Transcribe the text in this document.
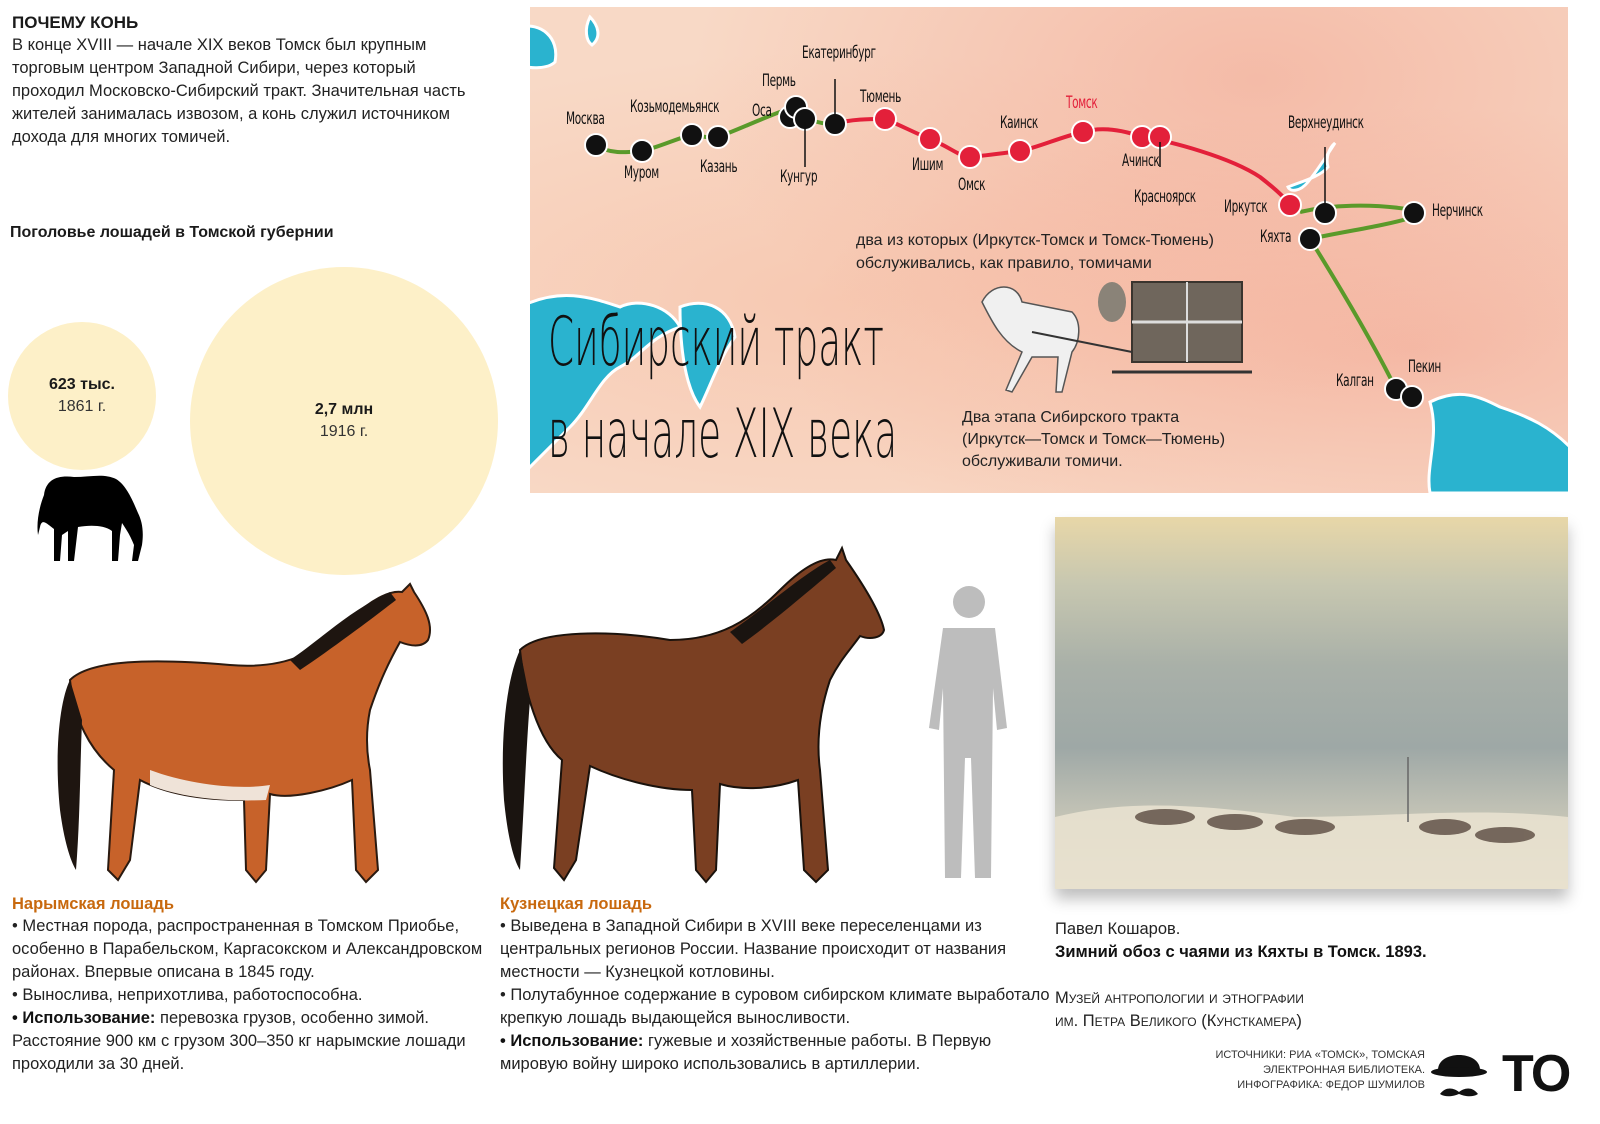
ПОЧЕМУ КОНЬ

В конце XVIII — начале XIX веков Томск был крупным торговым центром Западной Сибири, через который проходил Московско-Сибирский тракт. Значительная часть жителей занималась извозом, а конь служил источником дохода для многих томичей.

Поголовье лошадей в Томской губернии
623 тыс.
1861 г.	2,7 млн
1916 г.
Москва
Муром
Козьмодемьянск
Казань
Оса
Пермь
Кунгур
Екатеринбург
Тюмень
Ишим
Омск
Каинск
Томск
Ачинск
Красноярск Иркутск
Верхнеудинск
Кяхта
Нерчинск
Калган
Пекин
два из которых (Иркутск-Томск и Томск-Тюмень)
обслуживались, как правило, томичами
Два этапа Сибирского тракта
(Иркутск—Томск и Томск—Тюмень)
обслуживали томичи.
Сибирский тракт
в начале XIX века
Нарымская лошадь
• Местная порода, распространенная в Томском Приобье, особенно в Парабельском, Каргасокском и Александровском районах. Впервые описана в 1845 году.
• Вынослива, неприхотлива, работоспособна.
• Использование: перевозка грузов, особенно зимой. Расстояние 900 км с грузом 300–350 кг нарымские лошади проходили за 30 дней.
Кузнецкая лошадь
• Выведена в Западной Сибири в XVIII веке переселенцами из центральных регионов России. Название происходит от названия местности — Кузнецкой котловины.
• Полутабунное содержание в суровом сибирском климате выработало крепкую лошадь выдающейся выносливости.
• Использование: гужевые и хозяйственные работы. В Первую мировую войну широко использовались в артиллерии.
Павел Кошаров.
Зимний обоз с чаями из Кяхты в Томск. 1893.
Музей антропологии и этнографии
им. Петра Великого (Кунсткамера)
ИСТОЧНИКИ: РИА «ТОМСК», ТОМСКАЯ
ЭЛЕКТРОННАЯ БИБЛИОТЕКА.
ИНФОГРАФИКА: ФЕДОР ШУМИЛОВ TO
